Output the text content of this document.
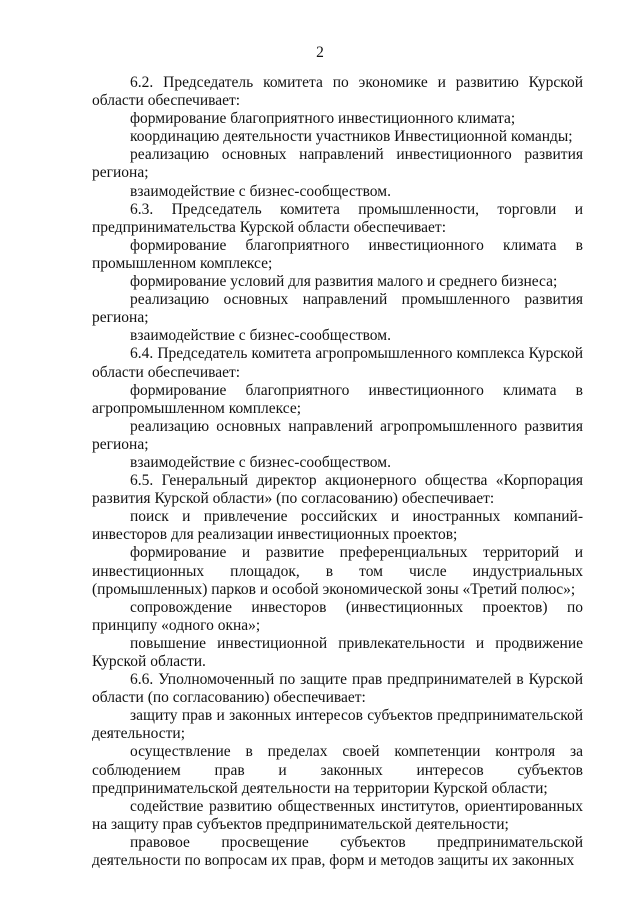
2

6.2. Председатель комитета по экономике и развитию Курской области обеспечивает:

формирование благоприятного инвестиционного климата;

координацию деятельности участников Инвестиционной команды;

реализацию основных направлений инвестиционного развития региона;

взаимодействие с бизнес-сообществом.

6.3. Председатель комитета промышленности, торговли и предпринимательства Курской области обеспечивает:

формирование благоприятного инвестиционного климата в промышленном комплексе;

формирование условий для развития малого и среднего бизнеса;

реализацию основных направлений промышленного развития региона;

взаимодействие с бизнес-сообществом.

6.4. Председатель комитета агропромышленного комплекса Курской области обеспечивает:

формирование благоприятного инвестиционного климата в агропромышленном комплексе;

реализацию основных направлений агропромышленного развития региона;

взаимодействие с бизнес-сообществом.

6.5. Генеральный директор акционерного общества «Корпорация развития Курской области» (по согласованию) обеспечивает:

поиск и привлечение российских и иностранных компаний-инвесторов для реализации инвестиционных проектов;

формирование и развитие преференциальных территорий и инвестиционных площадок, в том числе индустриальных (промышленных) парков и особой экономической зоны «Третий полюс»;

сопровождение инвесторов (инвестиционных проектов) по принципу «одного окна»;

повышение инвестиционной привлекательности и продвижение Курской области.

6.6. Уполномоченный по защите прав предпринимателей в Курской области (по согласованию) обеспечивает:

защиту прав и законных интересов субъектов предпринимательской деятельности;

осуществление в пределах своей компетенции контроля за соблюдением прав и законных интересов субъектов предпринимательской деятельности на территории Курской области;

содействие развитию общественных институтов, ориентированных на защиту прав субъектов предпринимательской деятельности;

правовое просвещение субъектов предпринимательской деятельности по вопросам их прав, форм и методов защиты их законных
